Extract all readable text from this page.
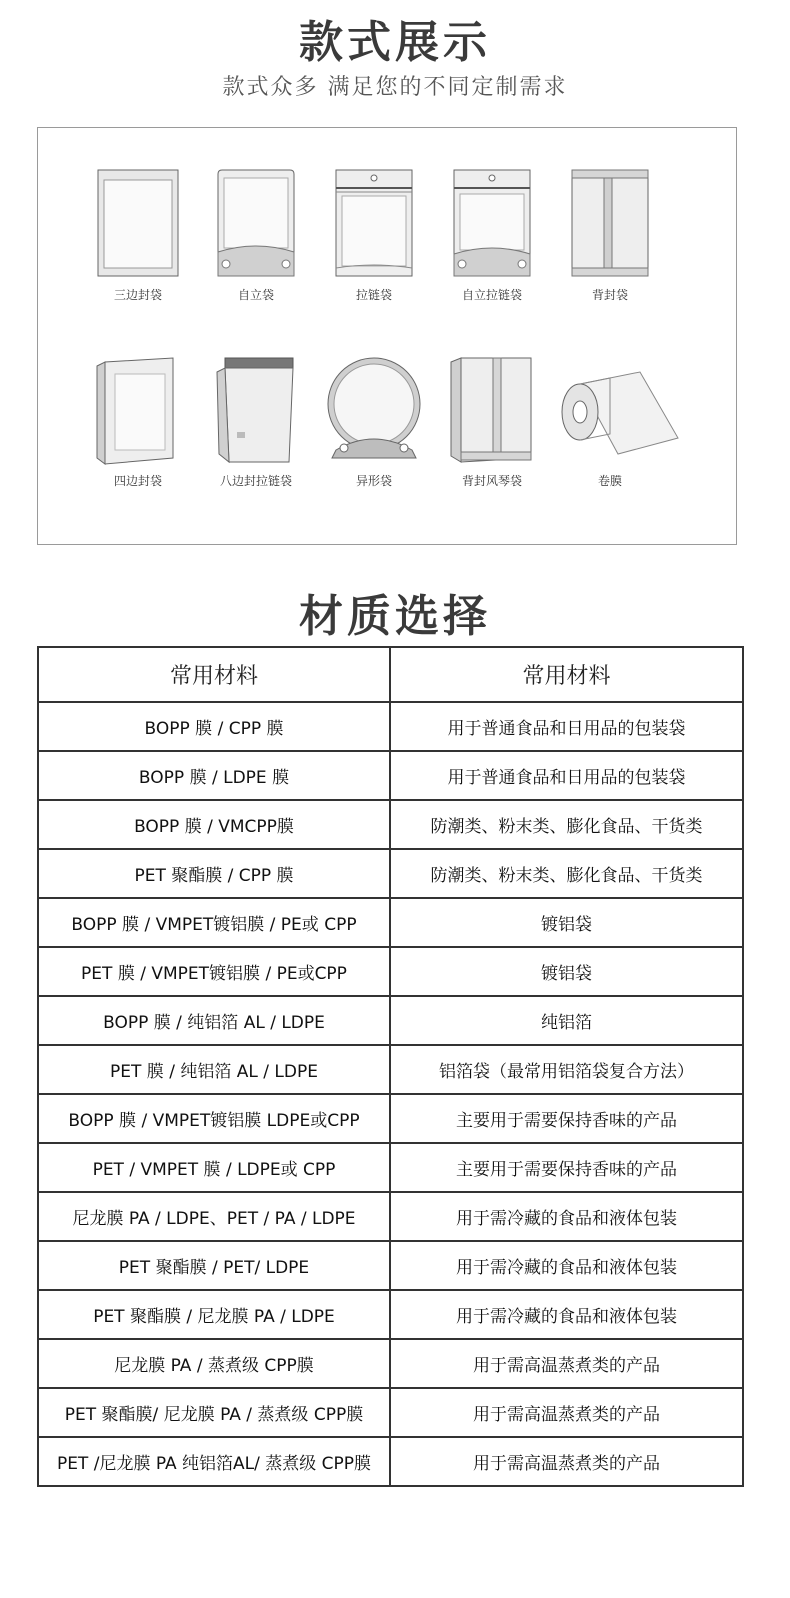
款式展示
款式众多 满足您的不同定制需求
三边封袋	自立袋	拉链袋	自立拉链袋	背封袋
四边封袋	八边封拉链袋	异形袋	背封风琴袋	卷膜
材质选择
常用材料	常用材料
BOPP 膜 / CPP 膜	用于普通食品和日用品的包装袋
BOPP 膜 / LDPE 膜	用于普通食品和日用品的包装袋
BOPP 膜 / VMCPP膜	防潮类、粉末类、膨化食品、干货类
PET 聚酯膜 / CPP 膜	防潮类、粉末类、膨化食品、干货类
BOPP 膜 / VMPET镀铝膜 / PE或 CPP	镀铝袋
PET 膜 / VMPET镀铝膜 / PE或CPP	镀铝袋
BOPP 膜 / 纯铝箔 AL / LDPE	纯铝箔
PET 膜 / 纯铝箔 AL / LDPE	铝箔袋（最常用铝箔袋复合方法）
BOPP 膜 / VMPET镀铝膜 LDPE或CPP	主要用于需要保持香味的产品
PET / VMPET 膜 / LDPE或 CPP	主要用于需要保持香味的产品
尼龙膜 PA / LDPE、PET / PA / LDPE	用于需冷藏的食品和液体包装
PET 聚酯膜 / PET/ LDPE	用于需冷藏的食品和液体包装
PET 聚酯膜 / 尼龙膜 PA / LDPE	用于需冷藏的食品和液体包装
尼龙膜 PA / 蒸煮级 CPP膜	用于需高温蒸煮类的产品
PET 聚酯膜/ 尼龙膜 PA / 蒸煮级 CPP膜	用于需高温蒸煮类的产品
PET /尼龙膜 PA 纯铝箔AL/ 蒸煮级 CPP膜	用于需高温蒸煮类的产品
